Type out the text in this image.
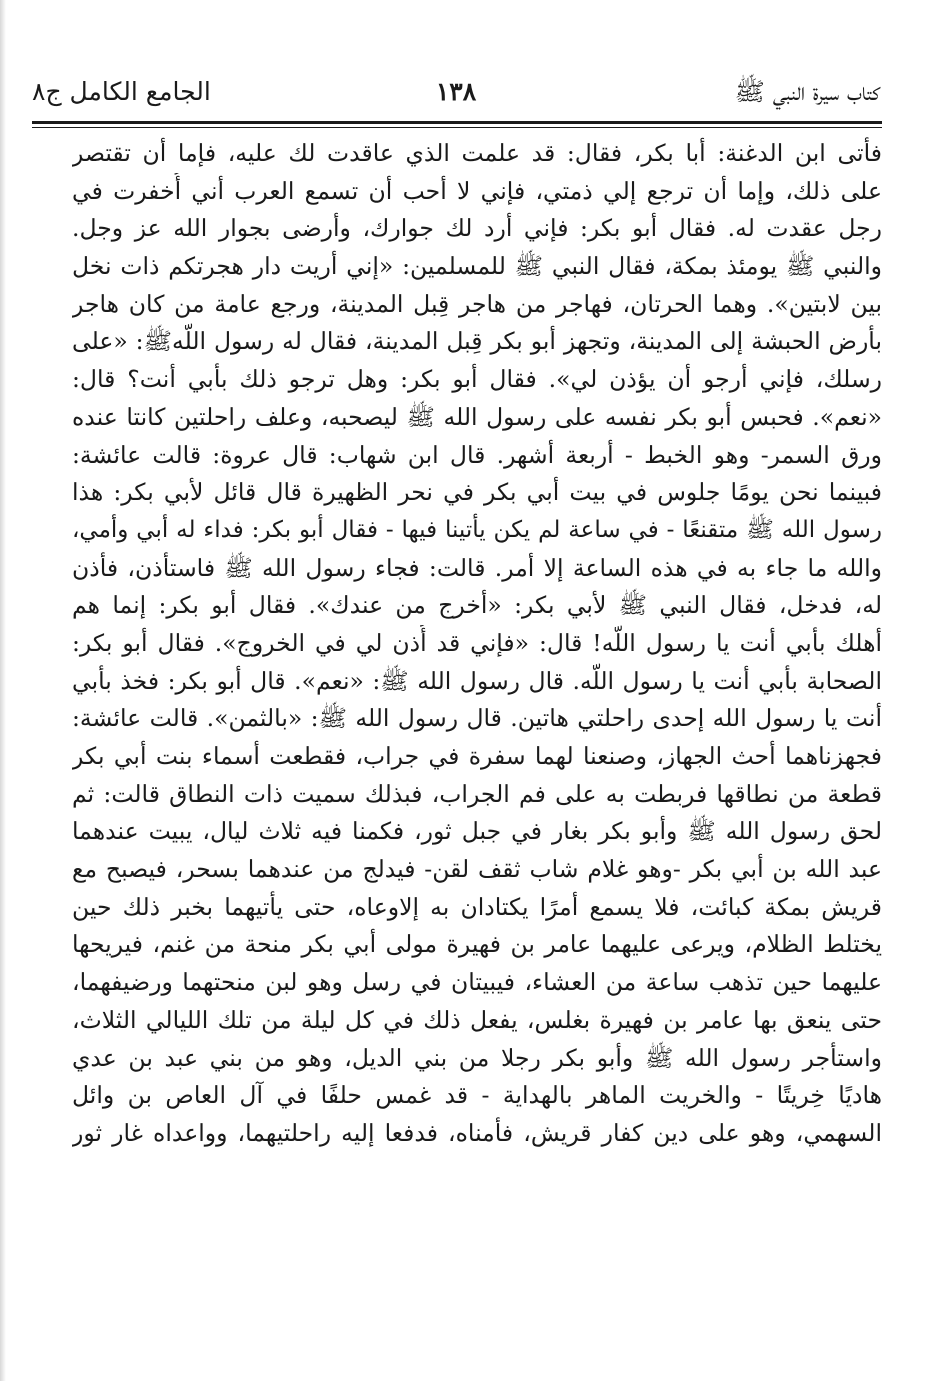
كتاب سيرة النبي ﷺ
١٣٨
الجامع الكامل ج٨
فأتى ابن الدغنة: أبا بكر، فقال: قد علمت الذي عاقدت لك عليه، فإما أن تقتصر
على ذلك، وإما أن ترجع إلي ذمتي، فإني لا أحب أن تسمع العرب أني أُخفرت في
رجل عقدت له. فقال أبو بكر: فإني أرد لك جوارك، وأرضى بجوار الله عز وجل.
والنبي ﷺ يومئذ بمكة، فقال النبي ﷺ للمسلمين: «إني أريت دار هجرتكم ذات نخل
بين لابتين». وهما الحرتان، فهاجر من هاجر قِبل المدينة، ورجع عامة من كان هاجر
بأرض الحبشة إلى المدينة، وتجهز أبو بكر قِبل المدينة، فقال له رسول اللّهﷺ: «على
رسلك، فإني أرجو أن يؤذن لي». فقال أبو بكر: وهل ترجو ذلك بأبي أنت؟ قال:
«نعم». فحبس أبو بكر نفسه على رسول الله ﷺ ليصحبه، وعلف راحلتين كانتا عنده
ورق السمر- وهو الخبط - أربعة أشهر. قال ابن شهاب: قال عروة: قالت عائشة:
فبينما نحن يومًا جلوس في بيت أبي بكر في نحر الظهيرة قال قائل لأبي بكر: هذا
رسول الله ﷺ متقنعًا - في ساعة لم يكن يأتينا فيها - فقال أبو بكر: فداء له أبي وأمي،
والله ما جاء به في هذه الساعة إلا أمر. قالت: فجاء رسول الله ﷺ فاستأذن، فأذن
له، فدخل، فقال النبي ﷺ لأبي بكر: «أخرج من عندك». فقال أبو بكر: إنما هم
أهلك بأبي أنت يا رسول اللّه! قال: «فإني قد أُذن لي في الخروج». فقال أبو بكر:
الصحابة بأبي أنت يا رسول اللّه. قال رسول الله ﷺ: «نعم». قال أبو بكر: فخذ بأبي
أنت يا رسول الله إحدى راحلتي هاتين. قال رسول الله ﷺ: «بالثمن». قالت عائشة:
فجهزناهما أحث الجهاز، وصنعنا لهما سفرة في جراب، فقطعت أسماء بنت أبي بكر
قطعة من نطاقها فربطت به على فم الجراب، فبذلك سميت ذات النطاق قالت: ثم
لحق رسول الله ﷺ وأبو بكر بغار في جبل ثور، فكمنا فيه ثلاث ليال، يبيت عندهما
عبد الله بن أبي بكر -وهو غلام شاب ثقف لقن- فيدلج من عندهما بسحر، فيصبح مع
قريش بمكة كبائت، فلا يسمع أمرًا يكتادان به إلاوعاه، حتى يأتيهما بخبر ذلك حين
يختلط الظلام، ويرعى عليهما عامر بن فهيرة مولى أبي بكر منحة من غنم، فيريحها
عليهما حين تذهب ساعة من العشاء، فيبيتان في رسل وهو لبن منحتهما ورضيفهما،
حتى ينعق بها عامر بن فهيرة بغلس، يفعل ذلك في كل ليلة من تلك الليالي الثلاث،
واستأجر رسول الله ﷺ وأبو بكر رجلا من بني الديل، وهو من بني عبد بن عدي
هاديًا خِريتًا - والخريت الماهر بالهداية - قد غمس حلفًا في آل العاص بن وائل
السهمي، وهو على دين كفار قريش، فأمناه، فدفعا إليه راحلتيهما، وواعداه غار ثور
